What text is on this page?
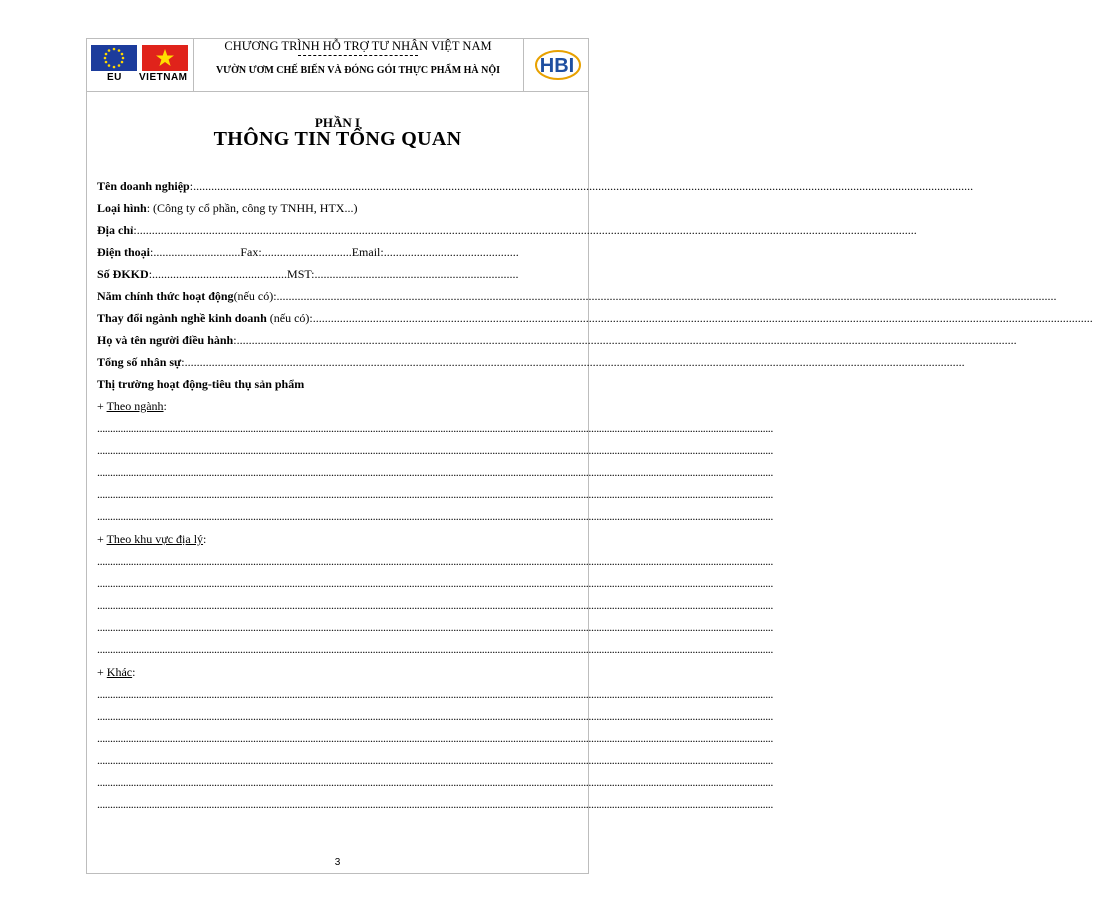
EU VIETNAM
CHƯƠNG TRÌNH HỖ TRỢ TƯ NHÂN VIỆT NAM
VƯỜN ƯƠM CHẾ BIẾN VÀ ĐÓNG GÓI THỰC PHẨM HÀ NỘI	HBI
PHẦN I
THÔNG TIN TỔNG QUAN
Tên doanh nghiệp:....................................................................................................................................................................................................................................................................
Loại hình: (Công ty cổ phần, công ty TNHH, HTX...)
Địa chỉ:....................................................................................................................................................................................................................................................................
Điện thoại:.............................Fax:..............................Email:.............................................
Số ĐKKD:.............................................MST:....................................................................
Năm chính thức hoạt động(nếu có):....................................................................................................................................................................................................................................................................
Thay đổi ngành nghề kinh doanh (nếu có):....................................................................................................................................................................................................................................................................
Họ và tên người điều hành:....................................................................................................................................................................................................................................................................
Tổng số nhân sự:....................................................................................................................................................................................................................................................................
Thị trường hoạt động-tiêu thụ sản phẩm
+ Theo ngành:
....................................................................................................................................................................................................................................................................
....................................................................................................................................................................................................................................................................
....................................................................................................................................................................................................................................................................
....................................................................................................................................................................................................................................................................
....................................................................................................................................................................................................................................................................
+ Theo khu vực địa lý:
....................................................................................................................................................................................................................................................................
....................................................................................................................................................................................................................................................................
....................................................................................................................................................................................................................................................................
....................................................................................................................................................................................................................................................................
....................................................................................................................................................................................................................................................................
+ Khác:
....................................................................................................................................................................................................................................................................
....................................................................................................................................................................................................................................................................
....................................................................................................................................................................................................................................................................
....................................................................................................................................................................................................................................................................
....................................................................................................................................................................................................................................................................
....................................................................................................................................................................................................................................................................
3
